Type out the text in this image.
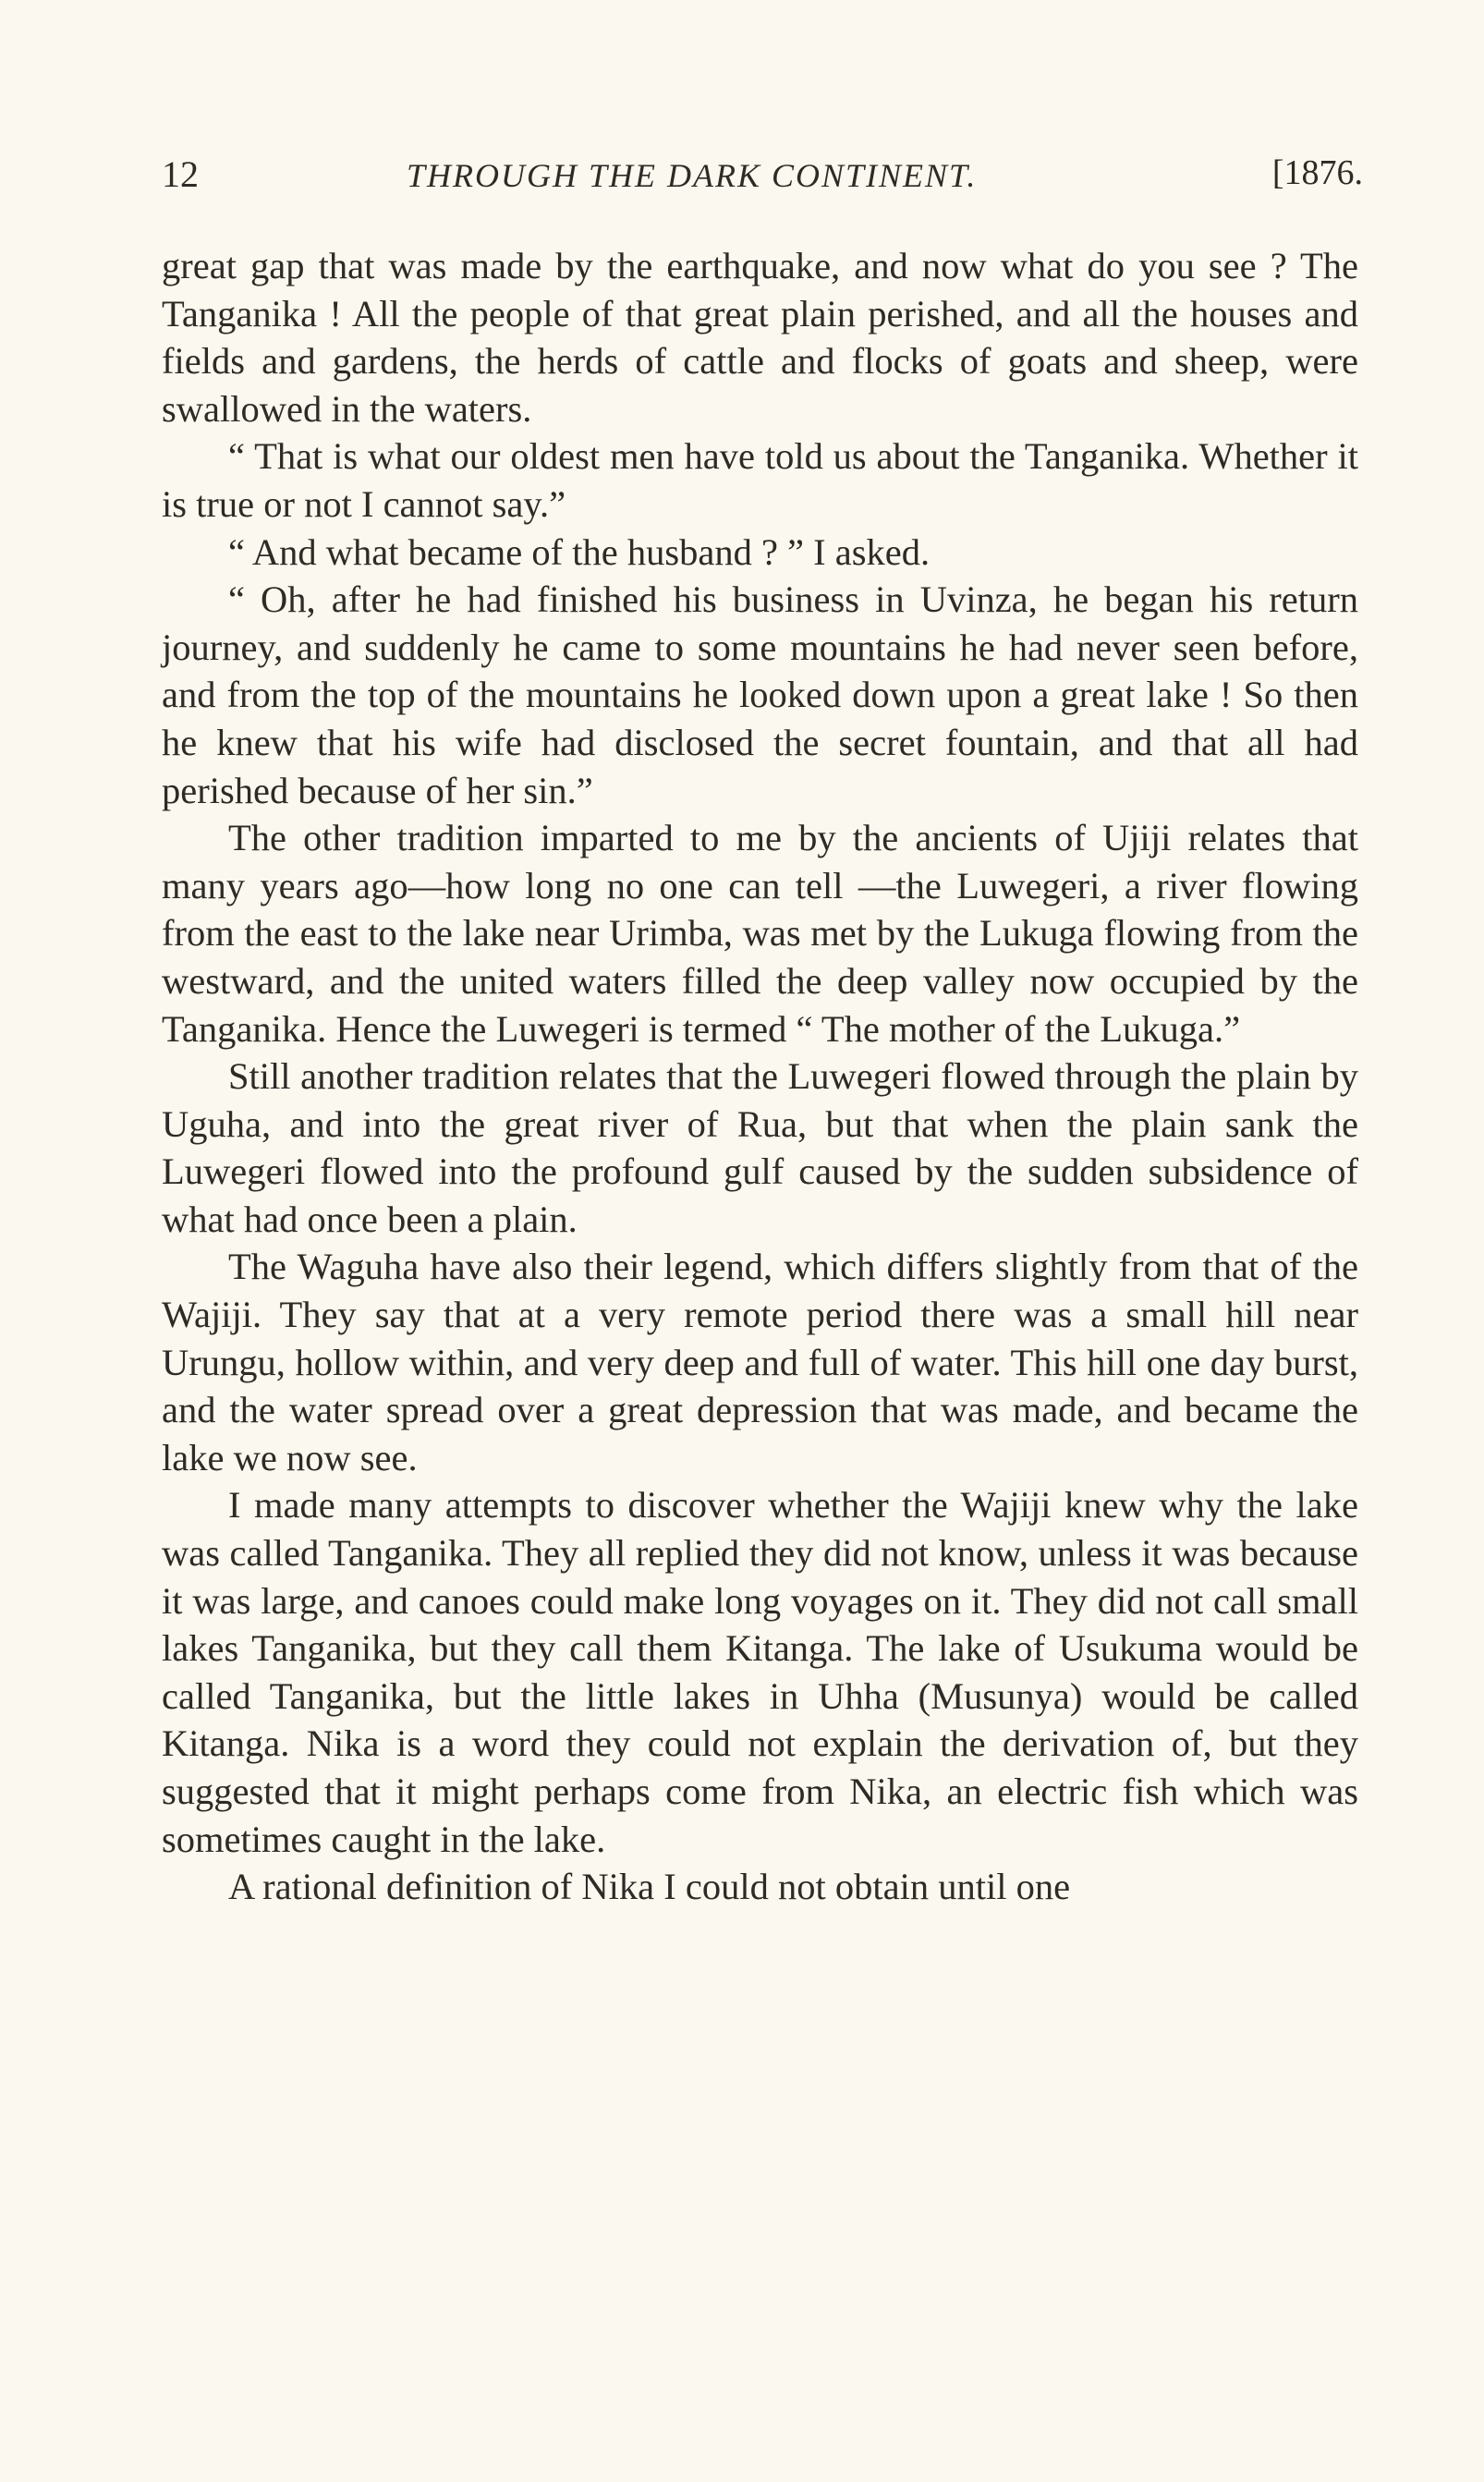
12	THROUGH THE DARK CONTINENT.	[1876.

great gap that was made by the earthquake, and now what do you see ? The Tanganika ! All the people of that great plain perished, and all the houses and fields and gardens, the herds of cattle and flocks of goats and sheep, were swallowed in the waters.

“ That is what our oldest men have told us about the Tanganika. Whether it is true or not I cannot say.”

“ And what became of the husband ? ” I asked.

“ Oh, after he had finished his business in Uvinza, he began his return journey, and suddenly he came to some mountains he had never seen before, and from the top of the mountains he looked down upon a great lake ! So then he knew that his wife had disclosed the secret fountain, and that all had perished because of her sin.”

The other tradition imparted to me by the ancients of Ujiji relates that many years ago—how long no one can tell —the Luwegeri, a river flowing from the east to the lake near Urimba, was met by the Lukuga flowing from the westward, and the united waters filled the deep valley now occupied by the Tanganika. Hence the Luwegeri is termed “ The mother of the Lukuga.”

Still another tradition relates that the Luwegeri flowed through the plain by Uguha, and into the great river of Rua, but that when the plain sank the Luwegeri flowed into the profound gulf caused by the sudden subsidence of what had once been a plain.

The Waguha have also their legend, which differs slightly from that of the Wajiji. They say that at a very remote period there was a small hill near Urungu, hollow within, and very deep and full of water. This hill one day burst, and the water spread over a great depression that was made, and became the lake we now see.

I made many attempts to discover whether the Wajiji knew why the lake was called Tanganika. They all replied they did not know, unless it was because it was large, and canoes could make long voyages on it. They did not call small lakes Tanganika, but they call them Kitanga. The lake of Usukuma would be called Tanganika, but the little lakes in Uhha (Musunya) would be called Kitanga. Nika is a word they could not explain the derivation of, but they suggested that it might perhaps come from Nika, an electric fish which was sometimes caught in the lake.

A rational definition of Nika I could not obtain until one
